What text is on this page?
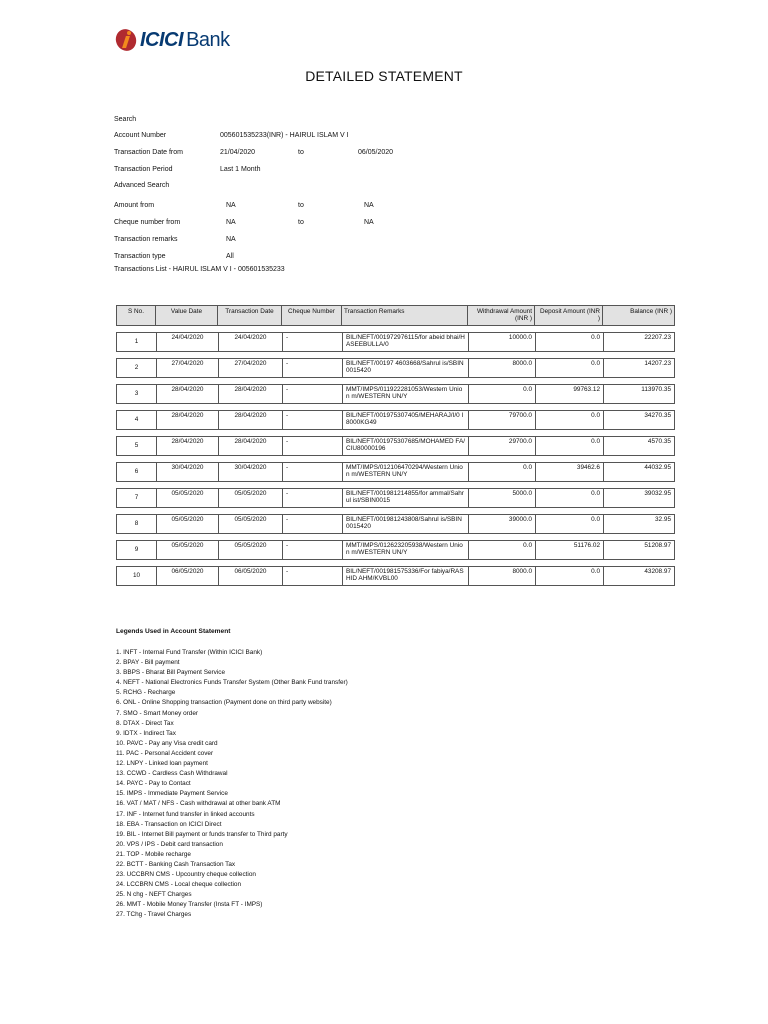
ICICI Bank
DETAILED STATEMENT
Search
Account Number	005601535233(INR) - HAIRUL ISLAM V I
Transaction Date from	21/04/2020	to	06/05/2020
Transaction Period	Last 1 Month
Advanced Search
Amount from	NA	to	NA
Cheque number from	NA	to	NA
Transaction remarks	NA
Transaction type	All
Transactions List - HAIRUL ISLAM V I - 005601535233
S No.	Value Date	Transaction Date	Cheque Number	Transaction Remarks	Withdrawal Amount (INR )	Deposit Amount (INR )	Balance (INR )
1	24/04/2020	24/04/2020	-	BIL/NEFT/001972976115/for abeid bhai/HASEEBULLA/0	10000.0	0.0	22207.23
2	27/04/2020	27/04/2020	-	BIL/NEFT/00197 4603668/Sahrul is/SBIN0015420	8000.0	0.0	14207.23
3	28/04/2020	28/04/2020	-	MMT/IMPS/011922281053/Western Union m/WESTERN UN/Y	0.0	99763.12	113970.35
4	28/04/2020	28/04/2020	-	BIL/NEFT/001975307405/MEHARAJ/I/0 I8000KG49	79700.0	0.0	34270.35
5	28/04/2020	28/04/2020	-	BIL/NEFT/001975307685/MOHAMED FA/CIU80000196	29700.0	0.0	4570.35
6	30/04/2020	30/04/2020	-	MMT/IMPS/012106470294/Western Union m/WESTERN UN/Y	0.0	39462.6	44032.95
7	05/05/2020	05/05/2020	-	BIL/NEFT/001981214855/for ammal/Sahrul ist/SBIN0015	5000.0	0.0	39032.95
8	05/05/2020	05/05/2020	-	BIL/NEFT/001981243808/Sahrul is/SBIN0015420	39000.0	0.0	32.95
9	05/05/2020	05/05/2020	-	MMT/IMPS/012623205938/Western Union m/WESTERN UN/Y	0.0	51176.02	51208.97
10	06/05/2020	06/05/2020	-	BIL/NEFT/001981575336/For fabiya/RASHID AHM/KVBL00	8000.0	0.0	43208.97
Legends Used in Account Statement
1. INFT - Internal Fund Transfer (Within ICICI Bank)
2. BPAY - Bill payment
3. BBPS - Bharat Bill Payment Service
4. NEFT - National Electronics Funds Transfer System (Other Bank Fund transfer)
5. RCHG - Recharge
6. ONL - Online Shopping transaction (Payment done on third party website)
7. SMO - Smart Money order
8. DTAX - Direct Tax
9. IDTX - Indirect Tax
10. PAVC - Pay any Visa credit card
11. PAC - Personal Accident cover
12. LNPY - Linked loan payment
13. CCWD - Cardless Cash Withdrawal
14. PAYC - Pay to Contact
15. IMPS - Immediate Payment Service
16. VAT / MAT / NFS - Cash withdrawal at other bank ATM
17. INF - Internet fund transfer in linked accounts
18. EBA - Transaction on ICICI Direct
19. BIL - Internet Bill payment or funds transfer to Third party
20. VPS / IPS - Debit card transaction
21. TOP - Mobile recharge
22. BCTT - Banking Cash Transaction Tax
23. UCCBRN CMS - Upcountry cheque collection
24. LCCBRN CMS - Local cheque collection
25. N chg - NEFT Charges
26. MMT - Mobile Money Transfer (Insta FT - IMPS)
27. TChg - Travel Charges
